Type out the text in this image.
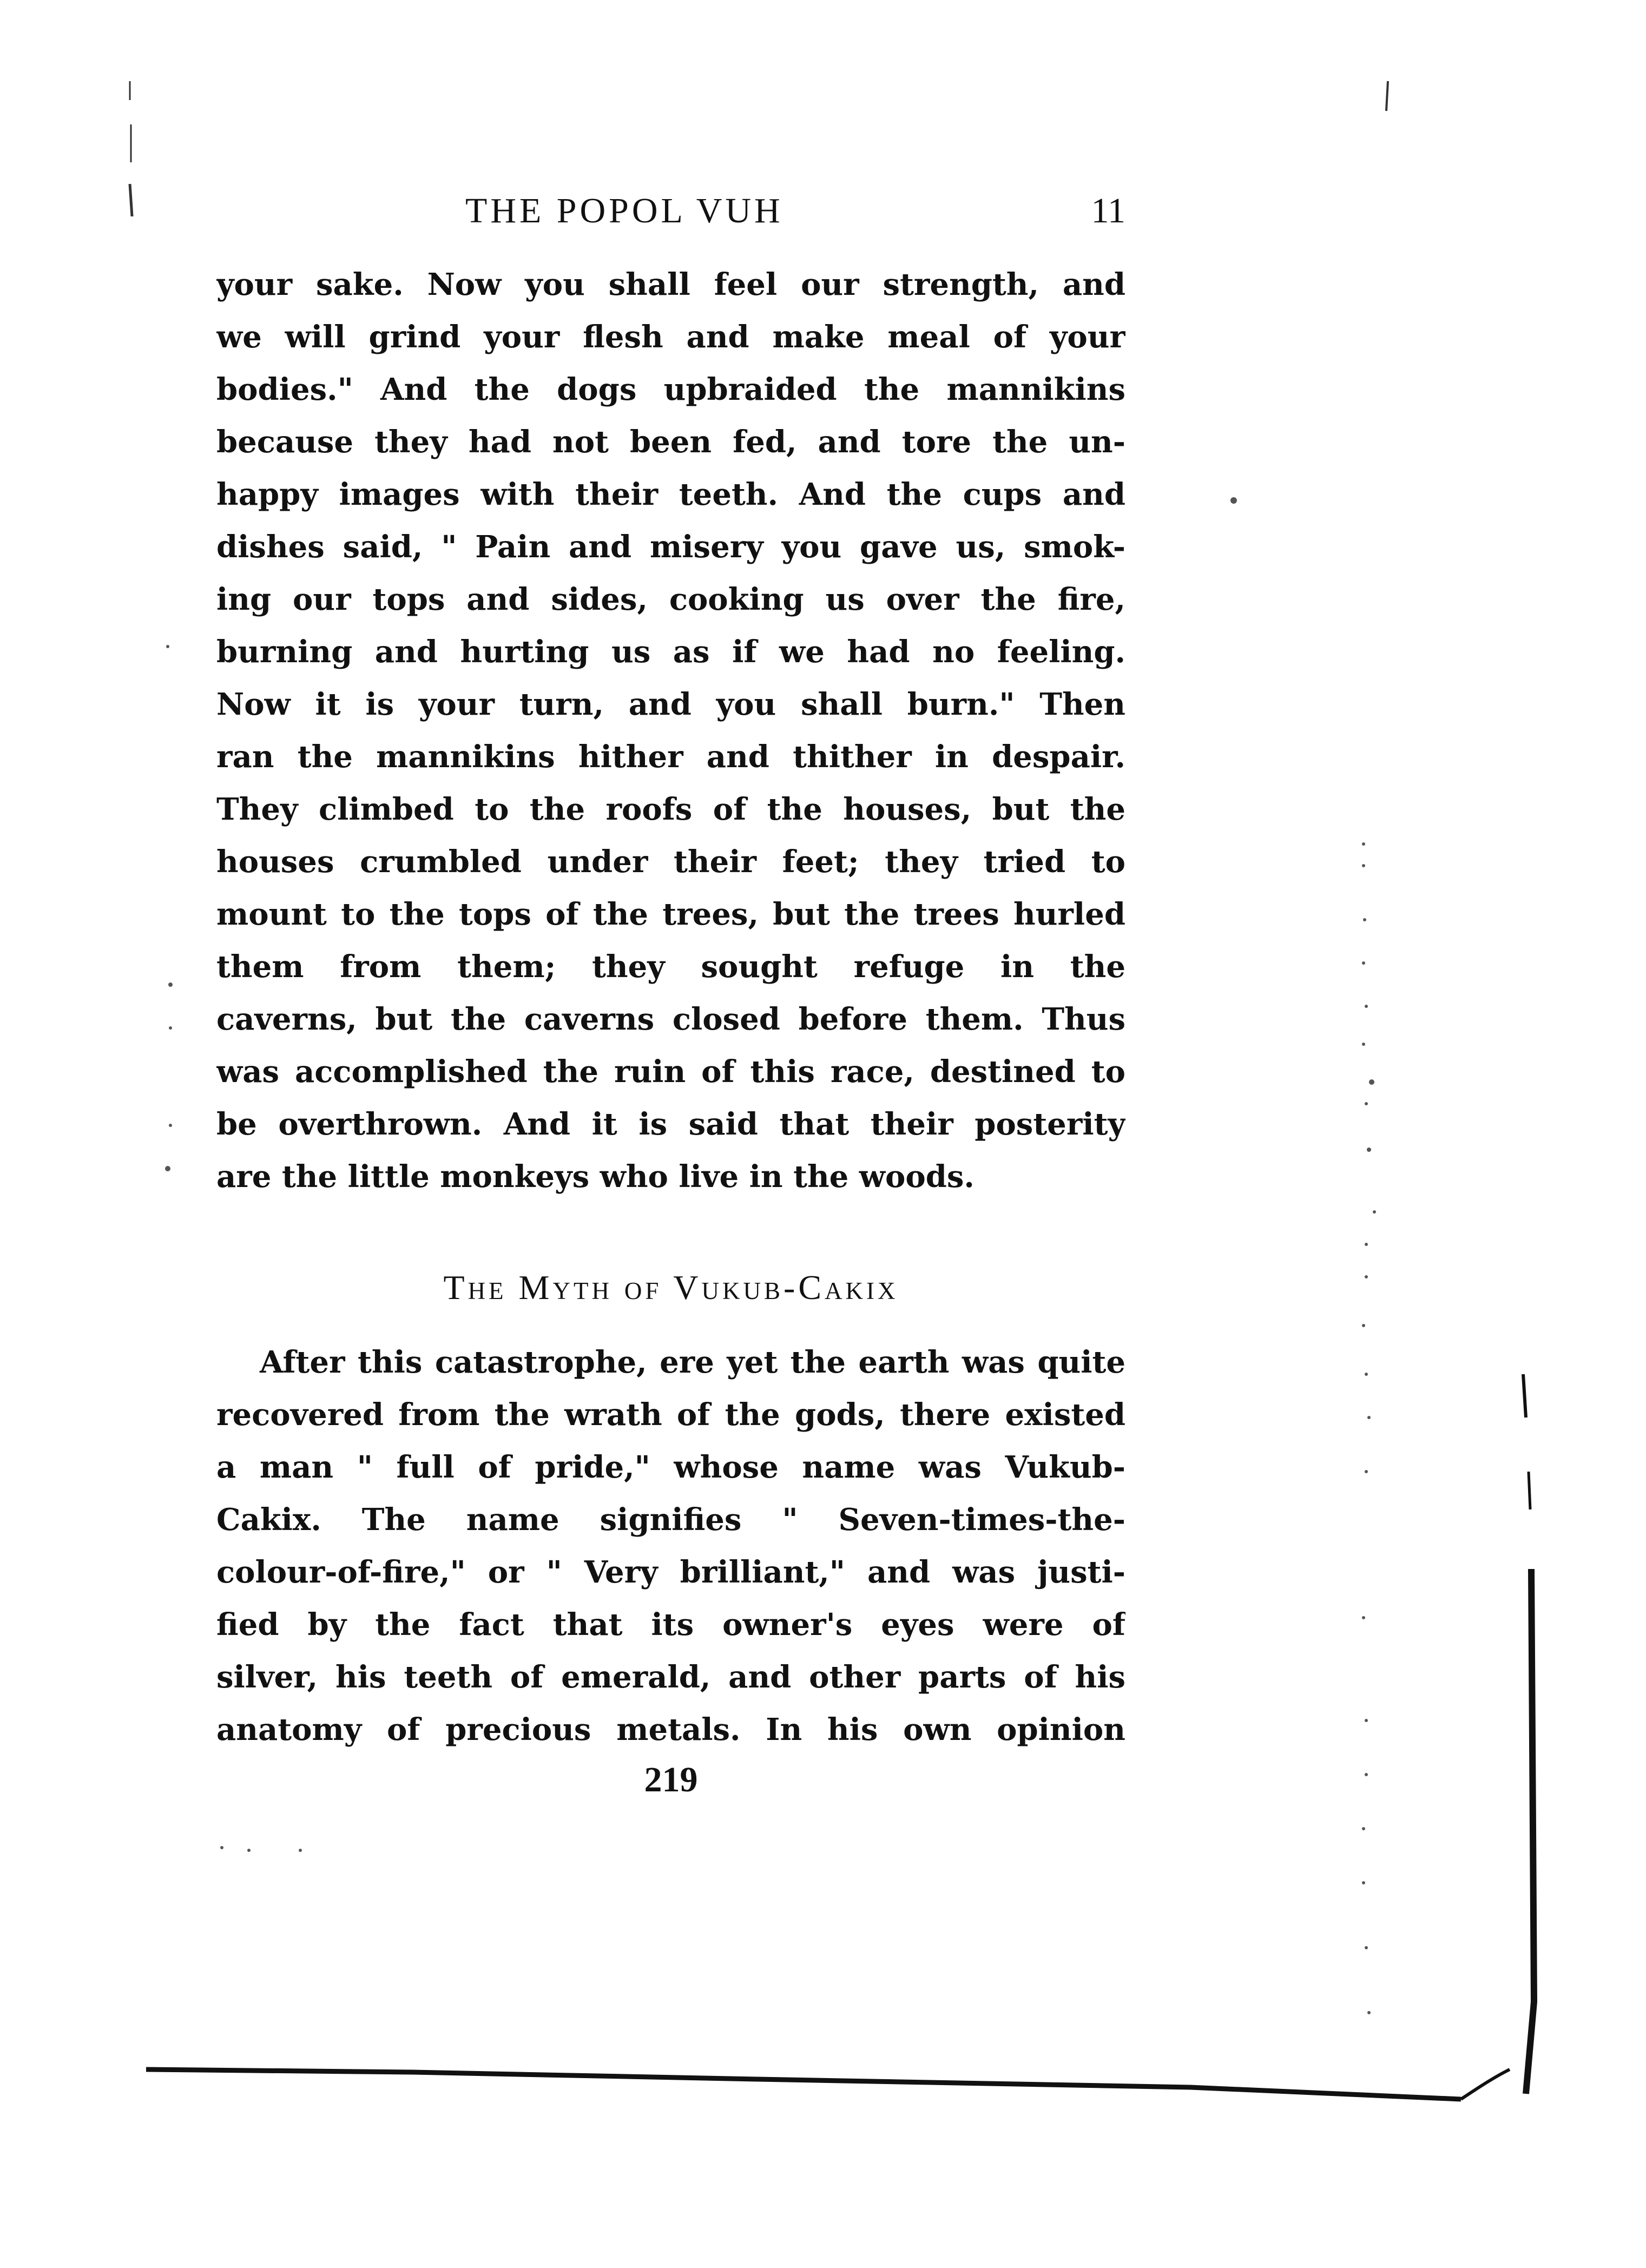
THE POPOL VUH	11
your sake. Now you shall feel our strength, and
we will grind your flesh and make meal of your
bodies." And the dogs upbraided the mannikins
because they had not been fed, and tore the un-
happy images with their teeth. And the cups and
dishes said, " Pain and misery you gave us, smok-
ing our tops and sides, cooking us over the fire,
burning and hurting us as if we had no feeling.
Now it is your turn, and you shall burn." Then
ran the mannikins hither and thither in despair.
They climbed to the roofs of the houses, but the
houses crumbled under their feet; they tried to
mount to the tops of the trees, but the trees hurled
them from them; they sought refuge in the
caverns, but the caverns closed before them. Thus
was accomplished the ruin of this race, destined to
be overthrown. And it is said that their posterity
are the little monkeys who live in the woods.
The Myth of Vukub-Cakix
After this catastrophe, ere yet the earth was quite
recovered from the wrath of the gods, there existed
a man " full of pride," whose name was Vukub-
Cakix. The name signifies " Seven-times-the-
colour-of-fire," or " Very brilliant," and was justi-
fied by the fact that its owner's eyes were of
silver, his teeth of emerald, and other parts of his
anatomy of precious metals. In his own opinion
219
